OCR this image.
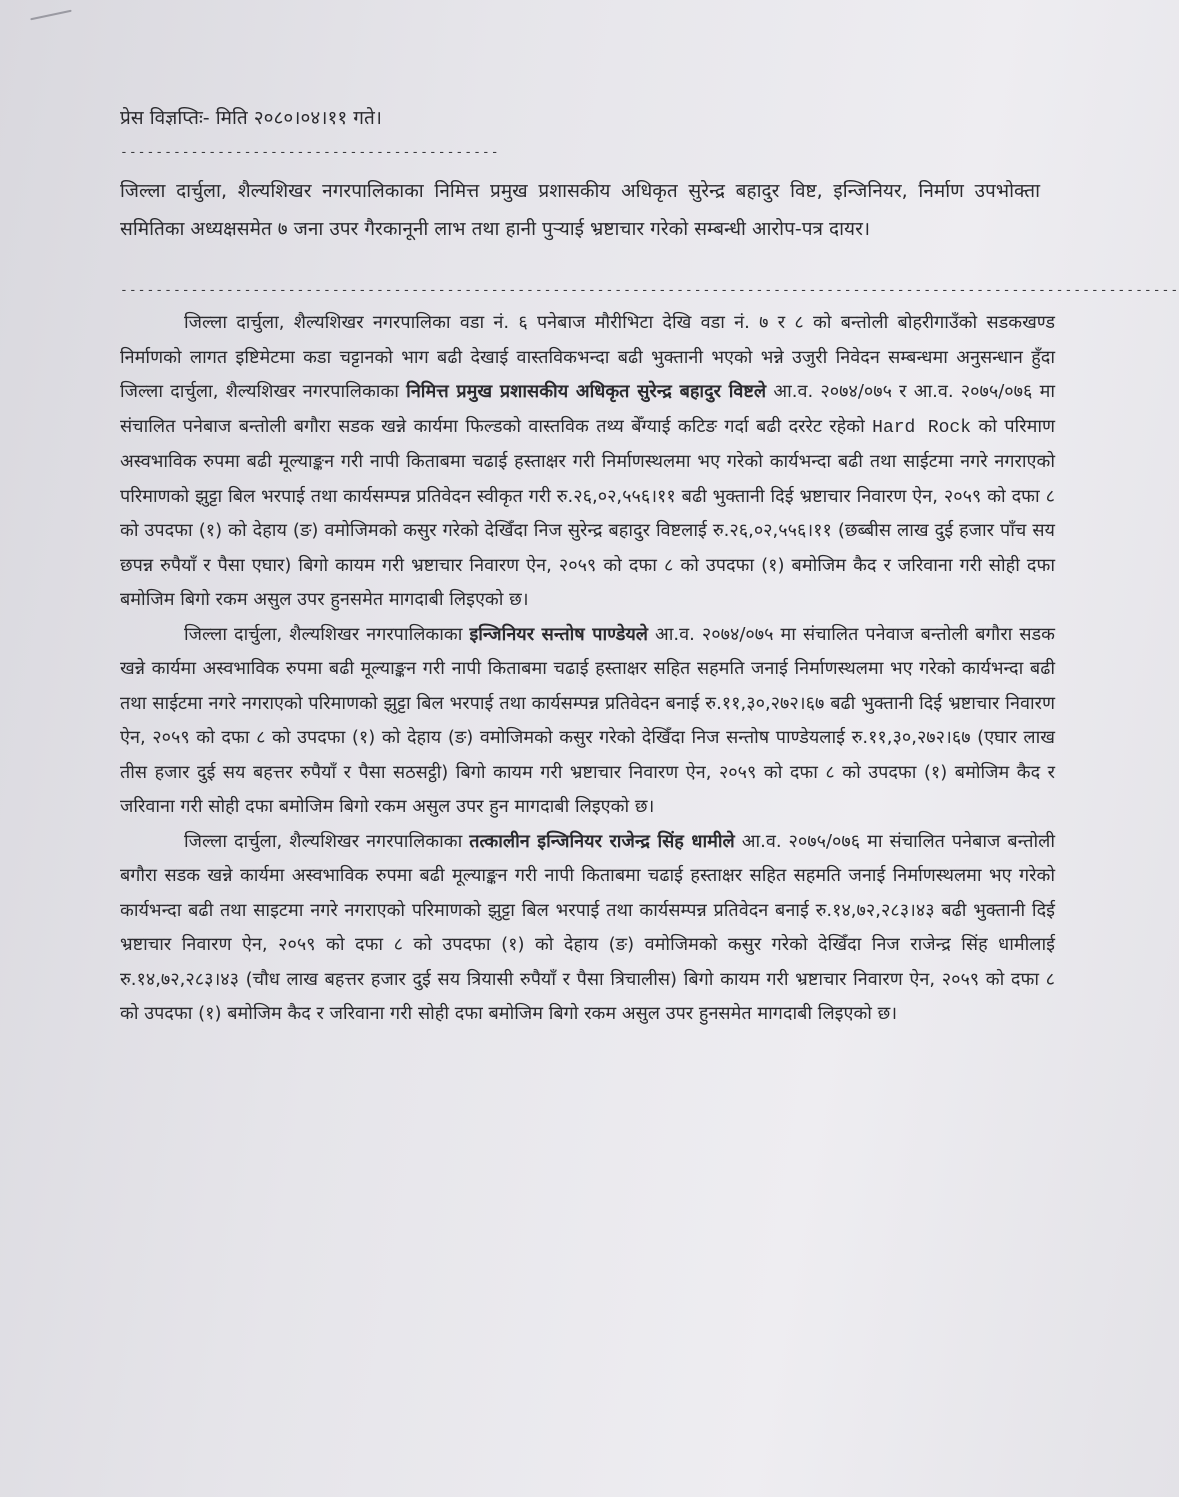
प्रेस विज्ञप्तिः- मिति २०८०।०४।११ गते।
-------------------------------------------
जिल्ला दार्चुला, शैल्यशिखर नगरपालिकाका निमित्त प्रमुख प्रशासकीय अधिकृत सुरेन्द्र बहादुर विष्ट, इन्जिनियर, निर्माण उपभोक्ता समितिका अध्यक्षसमेत ७ जना उपर गैरकानूनी लाभ तथा हानी पुऱ्याई भ्रष्टाचार गरेको सम्बन्धी आरोप-पत्र दायर।
------------------------------------------------------------------------------------------------------------------------

जिल्ला दार्चुला, शैल्यशिखर नगरपालिका वडा नं. ६ पनेबाज मौरीभिटा देखि वडा नं. ७ र ८ को बन्तोली बोहरीगाउँको सडकखण्ड निर्माणको लागत इष्टिमेटमा कडा चट्टानको भाग बढी देखाई वास्तविकभन्दा बढी भुक्तानी भएको भन्ने उजुरी निवेदन सम्बन्धमा अनुसन्धान हुँदा जिल्ला दार्चुला, शैल्यशिखर नगरपालिकाका निमित्त प्रमुख प्रशासकीय अधिकृत सुरेन्द्र बहादुर विष्टले आ.व. २०७४/०७५ र आ.व. २०७५/०७६ मा संचालित पनेबाज बन्तोली बगौरा सडक खन्ने कार्यमा फिल्डको वास्तविक तथ्य बेँग्याई कटिङ गर्दा बढी दररेट रहेको Hard Rock को परिमाण अस्वभाविक रुपमा बढी मूल्याङ्कन गरी नापी किताबमा चढाई हस्ताक्षर गरी निर्माणस्थलमा भए गरेको कार्यभन्दा बढी तथा साईटमा नगरे नगराएको परिमाणको झुट्टा बिल भरपाई तथा कार्यसम्पन्न प्रतिवेदन स्वीकृत गरी रु.२६,०२,५५६।११ बढी भुक्तानी दिई भ्रष्टाचार निवारण ऐन, २०५९ को दफा ८ को उपदफा (१) को देहाय (ङ) वमोजिमको कसुर गरेको देखिँदा निज सुरेन्द्र बहादुर विष्टलाई रु.२६,०२,५५६।११ (छब्बीस लाख दुई हजार पाँच सय छपन्न रुपैयाँ र पैसा एघार) बिगो कायम गरी भ्रष्टाचार निवारण ऐन, २०५९ को दफा ८ को उपदफा (१) बमोजिम कैद र जरिवाना गरी सोही दफा बमोजिम बिगो रकम असुल उपर हुनसमेत मागदाबी लिइएको छ।

जिल्ला दार्चुला, शैल्यशिखर नगरपालिकाका इन्जिनियर सन्तोष पाण्डेयले आ.व. २०७४/०७५ मा संचालित पनेवाज बन्तोली बगौरा सडक खन्ने कार्यमा अस्वभाविक रुपमा बढी मूल्याङ्कन गरी नापी किताबमा चढाई हस्ताक्षर सहित सहमति जनाई निर्माणस्थलमा भए गरेको कार्यभन्दा बढी तथा साईटमा नगरे नगराएको परिमाणको झुट्टा बिल भरपाई तथा कार्यसम्पन्न प्रतिवेदन बनाई रु.११,३०,२७२।६७ बढी भुक्तानी दिई भ्रष्टाचार निवारण ऐन, २०५९ को दफा ८ को उपदफा (१) को देहाय (ङ) वमोजिमको कसुर गरेको देखिँदा निज सन्तोष पाण्डेयलाई रु.११,३०,२७२।६७ (एघार लाख तीस हजार दुई सय बहत्तर रुपैयाँ र पैसा सठसट्ठी) बिगो कायम गरी भ्रष्टाचार निवारण ऐन, २०५९ को दफा ८ को उपदफा (१) बमोजिम कैद र जरिवाना गरी सोही दफा बमोजिम बिगो रकम असुल उपर हुन मागदाबी लिइएको छ।

जिल्ला दार्चुला, शैल्यशिखर नगरपालिकाका तत्कालीन इन्जिनियर राजेन्द्र सिंह धामीले आ.व. २०७५/०७६ मा संचालित पनेबाज बन्तोली बगौरा सडक खन्ने कार्यमा अस्वभाविक रुपमा बढी मूल्याङ्कन गरी नापी किताबमा चढाई हस्ताक्षर सहित सहमति जनाई निर्माणस्थलमा भए गरेको कार्यभन्दा बढी तथा साइटमा नगरे नगराएको परिमाणको झुट्टा बिल भरपाई तथा कार्यसम्पन्न प्रतिवेदन बनाई रु.१४,७२,२८३।४३ बढी भुक्तानी दिई भ्रष्टाचार निवारण ऐन, २०५९ को दफा ८ को उपदफा (१) को देहाय (ङ) वमोजिमको कसुर गरेको देखिँदा निज राजेन्द्र सिंह धामीलाई रु.१४,७२,२८३।४३ (चौध लाख बहत्तर हजार दुई सय त्रियासी रुपैयाँ र पैसा त्रिचालीस) बिगो कायम गरी भ्रष्टाचार निवारण ऐन, २०५९ को दफा ८ को उपदफा (१) बमोजिम कैद र जरिवाना गरी सोही दफा बमोजिम बिगो रकम असुल उपर हुनसमेत मागदाबी लिइएको छ।
